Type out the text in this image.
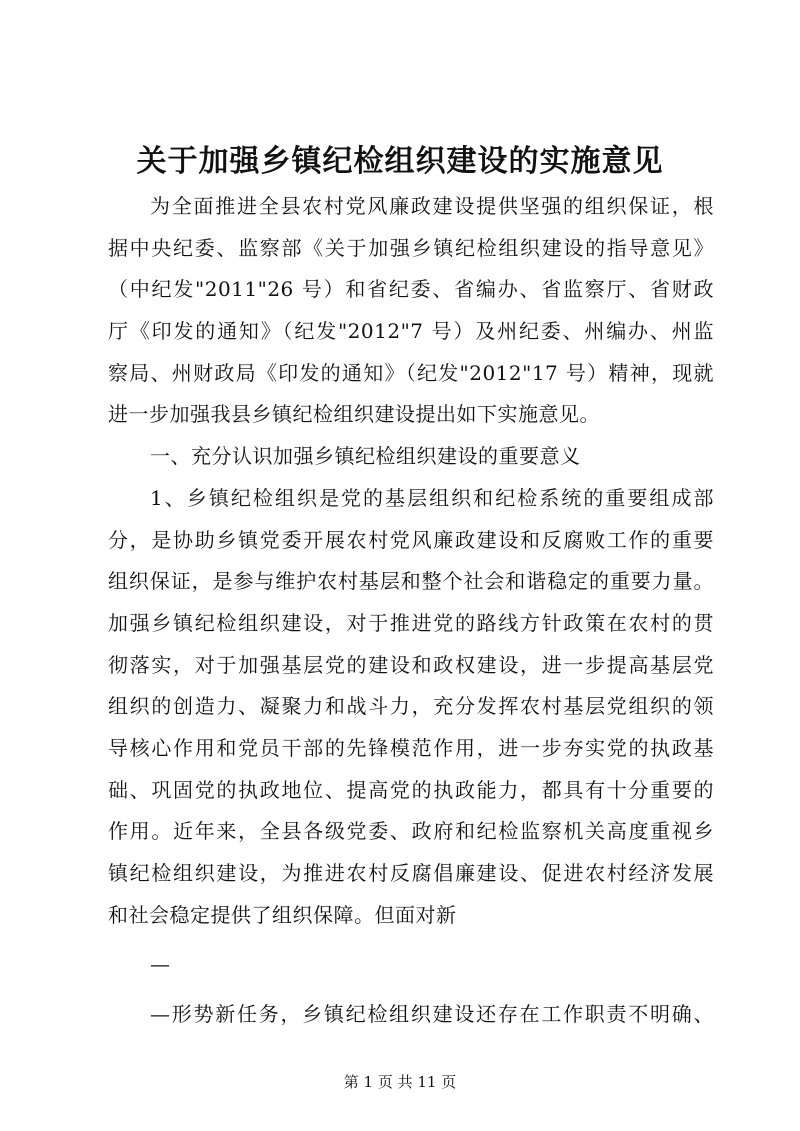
关于加强乡镇纪检组织建设的实施意见
为全面推进全县农村党风廉政建设提供坚强的组织保证，根
据中央纪委、监察部《关于加强乡镇纪检组织建设的指导意见》
（中纪发"2011"26 号）和省纪委、省编办、省监察厅、省财政
厅《印发的通知》（纪发"2012"7 号）及州纪委、州编办、州监
察局、州财政局《印发的通知》（纪发"2012"17 号）精神，现就
进一步加强我县乡镇纪检组织建设提出如下实施意见。
一、充分认识加强乡镇纪检组织建设的重要意义
1、乡镇纪检组织是党的基层组织和纪检系统的重要组成部
分，是协助乡镇党委开展农村党风廉政建设和反腐败工作的重要
组织保证，是参与维护农村基层和整个社会和谐稳定的重要力量。
加强乡镇纪检组织建设，对于推进党的路线方针政策在农村的贯
彻落实，对于加强基层党的建设和政权建设，进一步提高基层党
组织的创造力、凝聚力和战斗力，充分发挥农村基层党组织的领
导核心作用和党员干部的先锋模范作用，进一步夯实党的执政基
础、巩固党的执政地位、提高党的执政能力，都具有十分重要的
作用。近年来，全县各级党委、政府和纪检监察机关高度重视乡
镇纪检组织建设，为推进农村反腐倡廉建设、促进农村经济发展
和社会稳定提供了组织保障。但面对新
—
—形势新任务，乡镇纪检组织建设还存在工作职责不明确、
第 1 页 共 11 页
